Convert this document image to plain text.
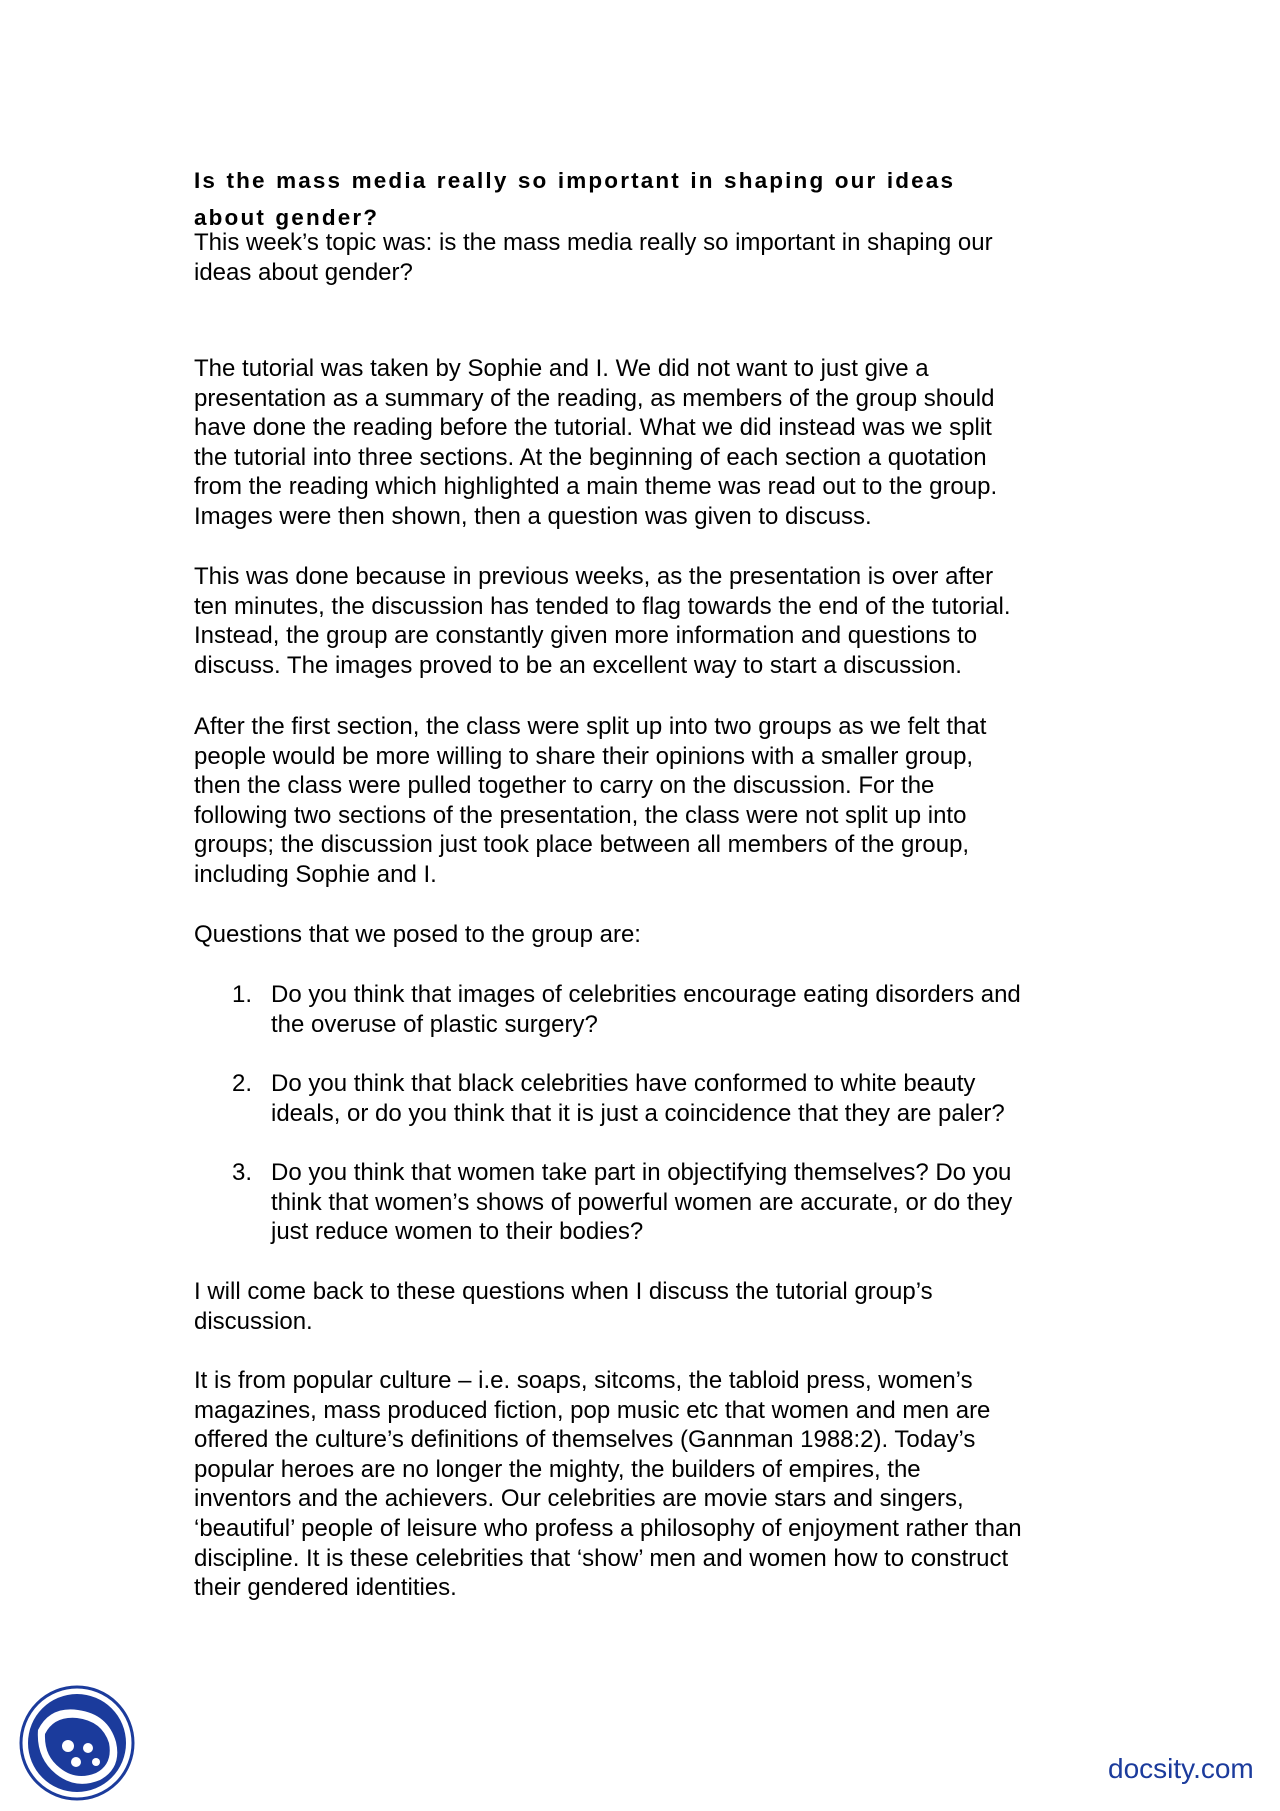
Is the mass media really so important in shaping our ideas
about gender?

This week’s topic was: is the mass media really so important in shaping our
ideas about gender?

The tutorial was taken by Sophie and I. We did not want to just give a
presentation as a summary of the reading, as members of the group should
have done the reading before the tutorial. What we did instead was we split
the tutorial into three sections. At the beginning of each section a quotation
from the reading which highlighted a main theme was read out to the group.
Images were then shown, then a question was given to discuss.

This was done because in previous weeks, as the presentation is over after
ten minutes, the discussion has tended to flag towards the end of the tutorial.
Instead, the group are constantly given more information and questions to
discuss. The images proved to be an excellent way to start a discussion.

After the first section, the class were split up into two groups as we felt that
people would be more willing to share their opinions with a smaller group,
then the class were pulled together to carry on the discussion. For the
following two sections of the presentation, the class were not split up into
groups; the discussion just took place between all members of the group,
including Sophie and I.

Questions that we posed to the group are:

1. Do you think that images of celebrities encourage eating disorders and
the overuse of plastic surgery?
2. Do you think that black celebrities have conformed to white beauty
ideals, or do you think that it is just a coincidence that they are paler?
3. Do you think that women take part in objectifying themselves? Do you
think that women’s shows of powerful women are accurate, or do they
just reduce women to their bodies?

I will come back to these questions when I discuss the tutorial group’s
discussion.

It is from popular culture – i.e. soaps, sitcoms, the tabloid press, women’s
magazines, mass produced fiction, pop music etc that women and men are
offered the culture’s definitions of themselves (Gannman 1988:2). Today’s
popular heroes are no longer the mighty, the builders of empires, the
inventors and the achievers. Our celebrities are movie stars and singers,
‘beautiful’ people of leisure who profess a philosophy of enjoyment rather than
discipline. It is these celebrities that ‘show’ men and women how to construct
their gendered identities.

docsity.com
